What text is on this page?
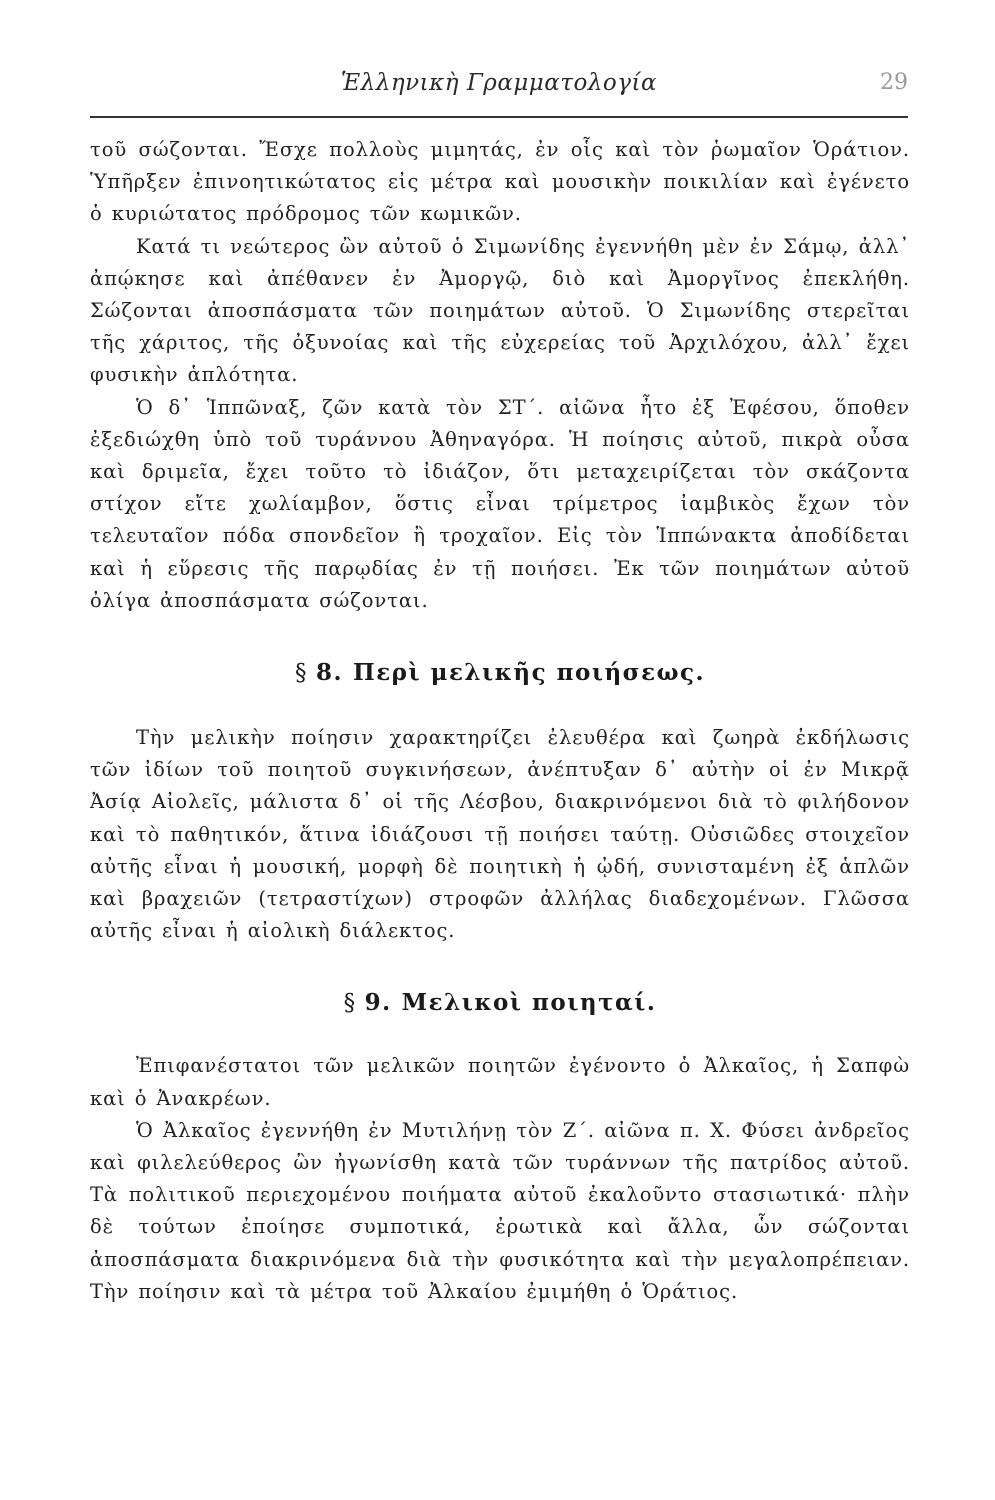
Ἑλληνικὴ Γραμματολογία	29

τοῦ σώζονται. Ἔσχε πολλοὺς μιμητάς, ἐν οἷς καὶ τὸν ῥωμαῖον Ὁράτιον. Ὑπῆρξεν ἐπινοητικώτατος εἰς μέτρα καὶ μουσικὴν ποικιλίαν καὶ ἐγένετο ὁ κυριώτατος πρόδρομος τῶν κωμικῶν.

Κατά τι νεώτερος ὢν αὐτοῦ ὁ Σιμωνίδης ἐγεννήθη μὲν ἐν Σάμῳ, ἀλλ᾽ ἀπῴκησε καὶ ἀπέθανεν ἐν Ἀμοργῷ, διὸ καὶ Ἀμοργῖνος ἐπεκλήθη. Σώζονται ἀποσπάσματα τῶν ποιημάτων αὐτοῦ. Ὁ Σιμωνίδης στερεῖται τῆς χάριτος, τῆς ὀξυνοίας καὶ τῆς εὐχερείας τοῦ Ἀρχιλόχου, ἀλλ᾽ ἔχει φυσικὴν ἁπλότητα.

Ὁ δ᾽ Ἱππῶναξ, ζῶν κατὰ τὸν ΣΤ΄. αἰῶνα ἦτο ἐξ Ἐφέσου, ὅποθεν ἐξεδιώχθη ὑπὸ τοῦ τυράννου Ἀθηναγόρα. Ἡ ποίησις αὐτοῦ, πικρὰ οὖσα καὶ δριμεῖα, ἔχει τοῦτο τὸ ἰδιάζον, ὅτι μεταχειρίζεται τὸν σκάζοντα στίχον εἴτε χωλίαμβον, ὅστις εἶναι τρίμετρος ἰαμβικὸς ἔχων τὸν τελευταῖον πόδα σπονδεῖον ἢ τροχαῖον. Εἰς τὸν Ἱππώνακτα ἀποδίδεται καὶ ἡ εὕρεσις τῆς παρῳδίας ἐν τῇ ποιήσει. Ἐκ τῶν ποιημάτων αὐτοῦ ὀλίγα ἀποσπάσματα σώζονται.

§ 8. Περὶ μελικῆς ποιήσεως.

Τὴν μελικὴν ποίησιν χαρακτηρίζει ἐλευθέρα καὶ ζωηρὰ ἐκδήλωσις τῶν ἰδίων τοῦ ποιητοῦ συγκινήσεων, ἀνέπτυξαν δ᾽ αὐτὴν οἱ ἐν Μικρᾷ Ἀσίᾳ Αἰολεῖς, μάλιστα δ᾽ οἱ τῆς Λέσβου, διακρινόμενοι διὰ τὸ φιλήδονον καὶ τὸ παθητικόν, ἅτινα ἰδιάζουσι τῇ ποιήσει ταύτῃ. Οὐσιῶδες στοιχεῖον αὐτῆς εἶναι ἡ μουσική, μορφὴ δὲ ποιητικὴ ἡ ᾠδή, συνισταμένη ἐξ ἁπλῶν καὶ βραχειῶν (τετραστίχων) στροφῶν ἀλλήλας διαδεχομένων. Γλῶσσα αὐτῆς εἶναι ἡ αἰολικὴ διάλεκτος.

§ 9. Μελικοὶ ποιηταί.

Ἐπιφανέστατοι τῶν μελικῶν ποιητῶν ἐγένοντο ὁ Ἀλκαῖος, ἡ Σαπφὼ καὶ ὁ Ἀνακρέων.

Ὁ Ἀλκαῖος ἐγεννήθη ἐν Μυτιλήνῃ τὸν Ζ΄. αἰῶνα π. Χ. Φύσει ἀνδρεῖος καὶ φιλελεύθερος ὢν ἠγωνίσθη κατὰ τῶν τυράννων τῆς πατρίδος αὐτοῦ. Τὰ πολιτικοῦ περιεχομένου ποιήματα αὐτοῦ ἐκαλοῦντο στασιωτικά· πλὴν δὲ τούτων ἐποίησε συμποτικά, ἐρωτικὰ καὶ ἄλλα, ὧν σώζονται ἀποσπάσματα διακρινόμενα διὰ τὴν φυσικότητα καὶ τὴν μεγαλοπρέπειαν. Τὴν ποίησιν καὶ τὰ μέτρα τοῦ Ἀλκαίου ἐμιμήθη ὁ Ὁράτιος.
